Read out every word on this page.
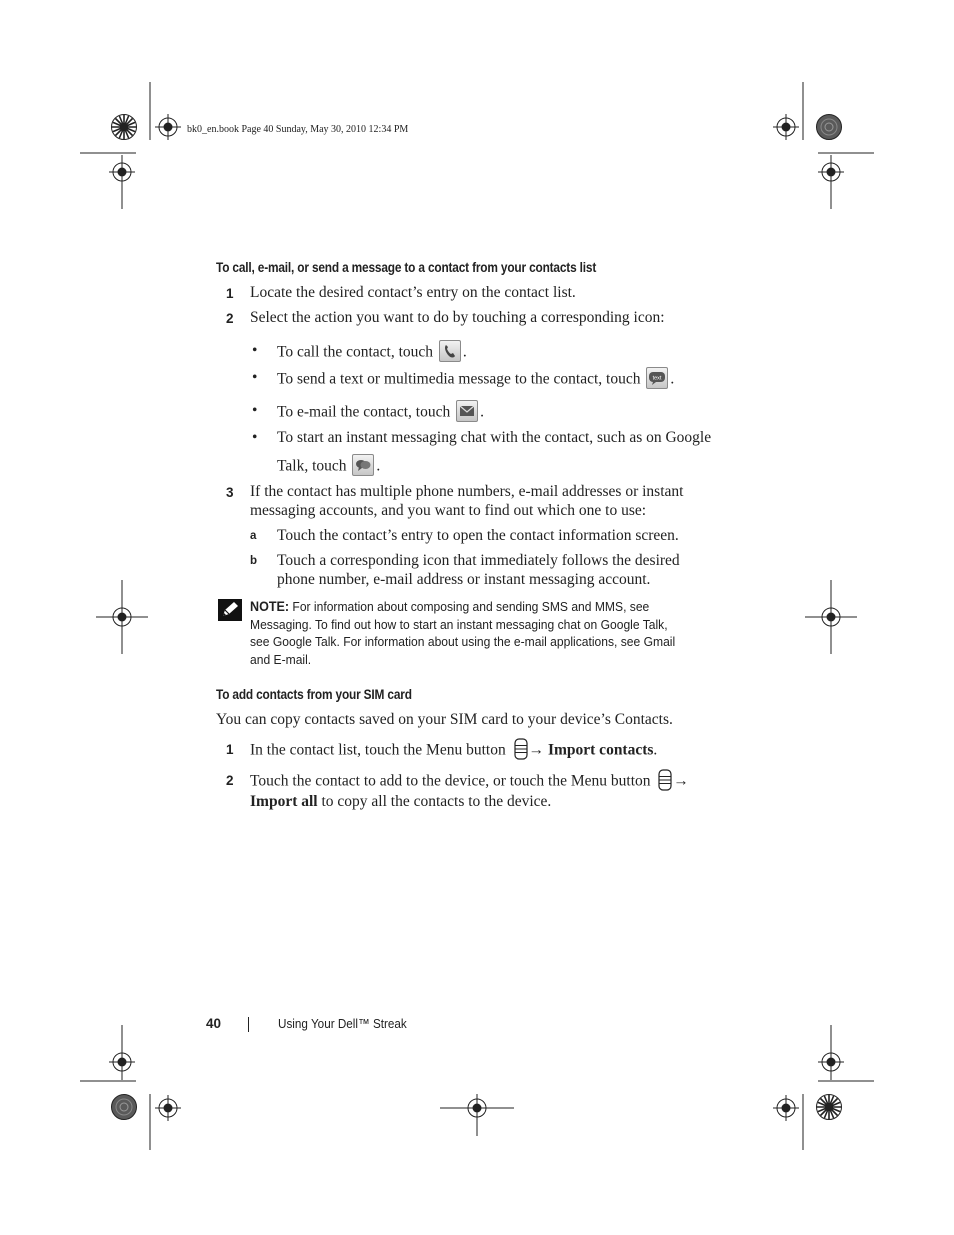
bk0_en.book Page 40 Sunday, May 30, 2010 12:34 PM
To call, e-mail, or send a message to a contact from your contacts list
1 Locate the desired contact’s entry on the contact list.
2 Select the action you want to do by touching a corresponding icon:
• To call the contact, touch .
• To send a text or multimedia message to the contact, touch text .
• To e-mail the contact, touch .
• To start an instant messaging chat with the contact, such as on Google
Talk, touch .
3 If the contact has multiple phone numbers, e-mail addresses or instant
messaging accounts, and you want to find out which one to use:
a Touch the contact’s entry to open the contact information screen.
b Touch a corresponding icon that immediately follows the desired
phone number, e-mail address or instant messaging account.
NOTE: For information about composing and sending SMS and MMS, see
Messaging. To find out how to start an instant messaging chat on Google Talk,
see Google Talk. For information about using the e-mail applications, see Gmail
and E-mail.
To add contacts from your SIM card
You can copy contacts saved on your SIM card to your device’s Contacts.
1 In the contact list, touch the Menu button → Import contacts.
2 Touch the contact to add to the device, or touch the Menu button →
Import all to copy all the contacts to the device.
40	Using Your Dell™ Streak
